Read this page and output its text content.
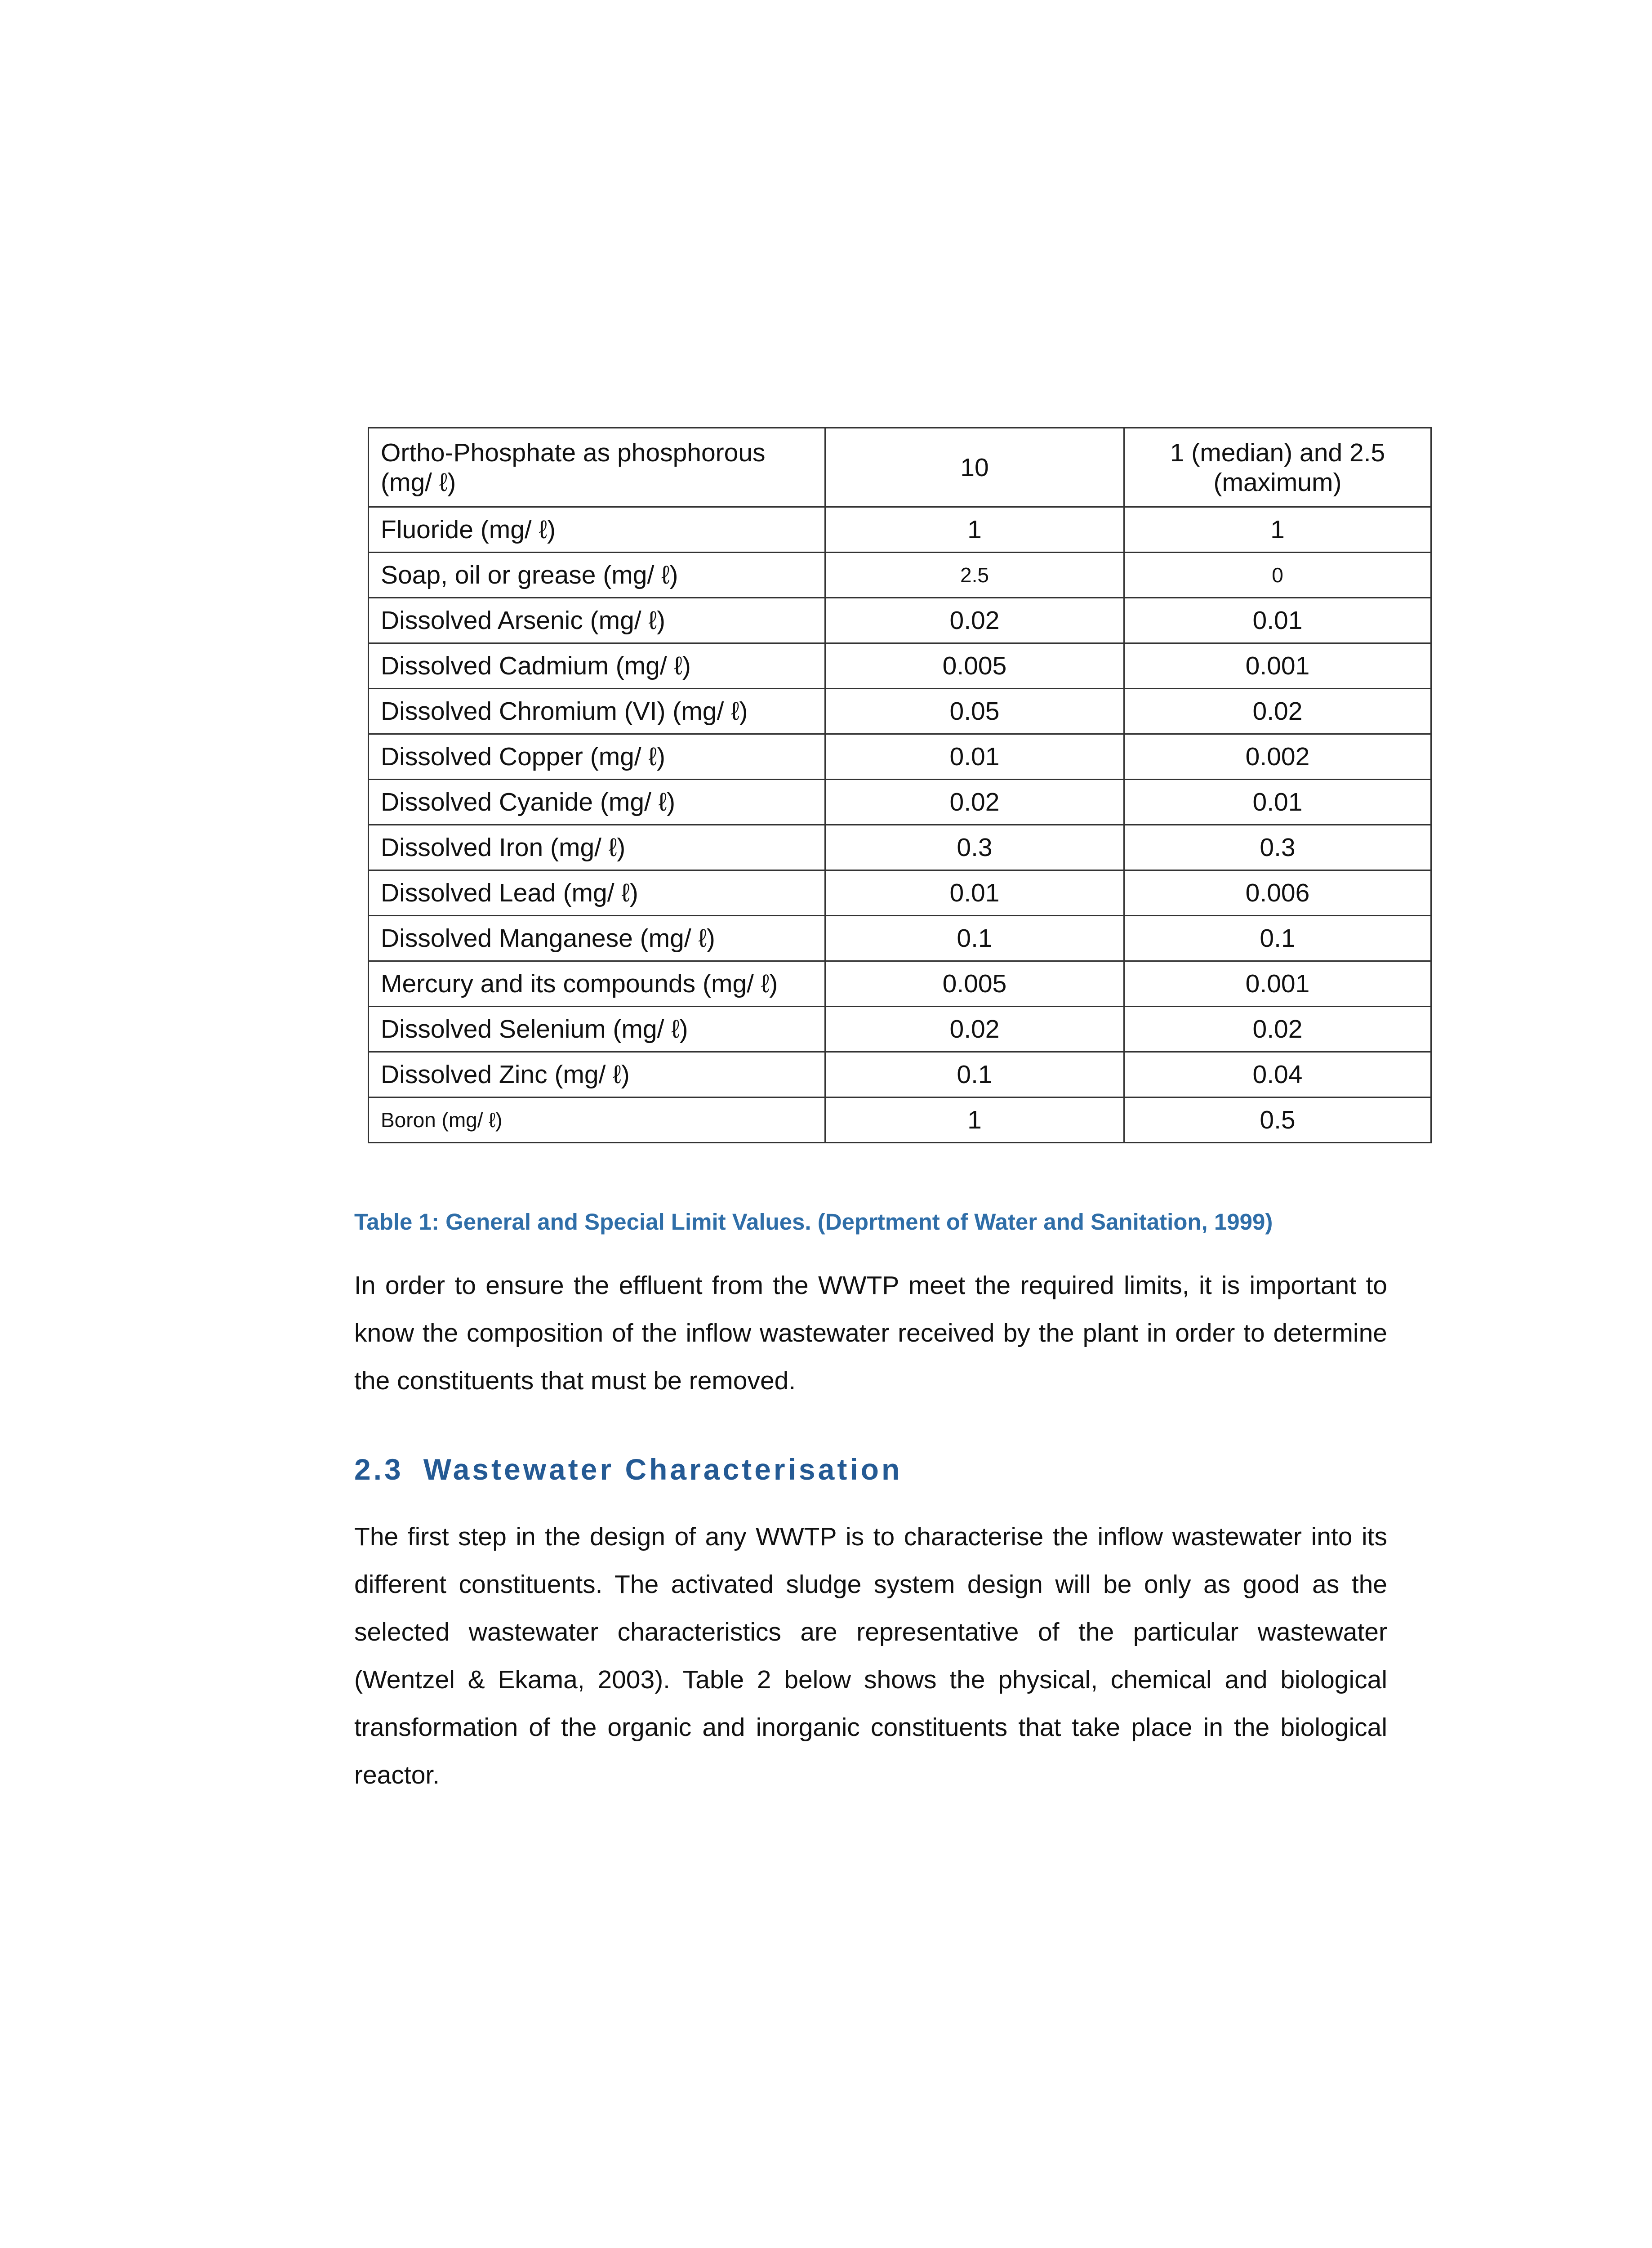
Ortho-Phosphate as phosphorous (mg/ ℓ)	10	1 (median) and 2.5 (maximum)
Fluoride (mg/ ℓ)	1	1
Soap, oil or grease (mg/ ℓ)	2.5	0
Dissolved Arsenic (mg/ ℓ)	0.02	0.01
Dissolved Cadmium (mg/ ℓ)	0.005	0.001
Dissolved Chromium (VI) (mg/ ℓ)	0.05	0.02
Dissolved Copper (mg/ ℓ)	0.01	0.002
Dissolved Cyanide (mg/ ℓ)	0.02	0.01
Dissolved Iron (mg/ ℓ)	0.3	0.3
Dissolved Lead (mg/ ℓ)	0.01	0.006
Dissolved Manganese (mg/ ℓ)	0.1	0.1
Mercury and its compounds (mg/ ℓ)	0.005	0.001
Dissolved Selenium (mg/ ℓ)	0.02	0.02
Dissolved Zinc (mg/ ℓ)	0.1	0.04
Boron (mg/ ℓ)	1	0.5
Table 1: General and Special Limit Values. (Deprtment of Water and Sanitation, 1999)

In order to ensure the effluent from the WWTP meet the required limits, it is important to know the composition of the inflow wastewater received by the plant in order to determine the constituents that must be removed.

2.3 Wastewater Characterisation

The first step in the design of any WWTP is to characterise the inflow wastewater into its different constituents. The activated sludge system design will be only as good as the selected wastewater characteristics are representative of the particular wastewater (Wentzel & Ekama, 2003). Table 2 below shows the physical, chemical and biological transformation of the organic and inorganic constituents that take place in the biological reactor.
